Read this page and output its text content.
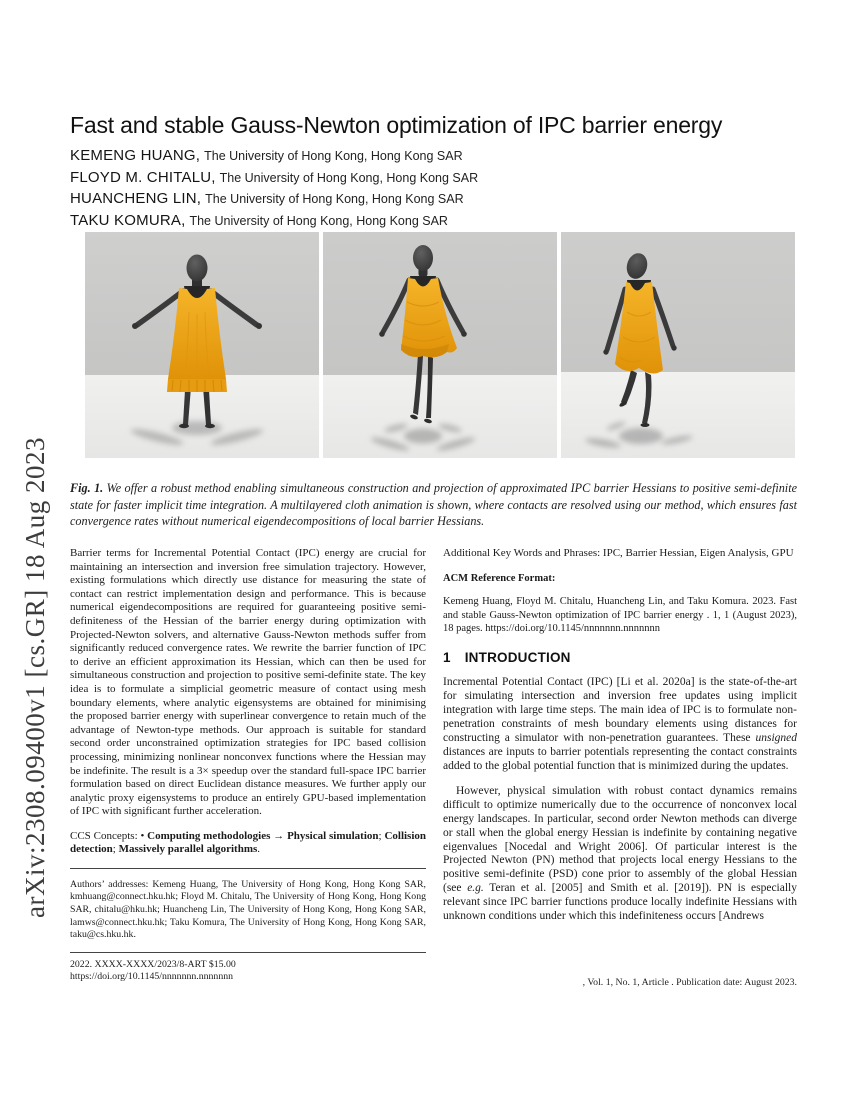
arXiv:2308.09400v1 [cs.GR] 18 Aug 2023
Fast and stable Gauss-Newton optimization of IPC barrier energy
KEMENG HUANG, The University of Hong Kong, Hong Kong SAR
FLOYD M. CHITALU, The University of Hong Kong, Hong Kong SAR
HUANCHENG LIN, The University of Hong Kong, Hong Kong SAR
TAKU KOMURA, The University of Hong Kong, Hong Kong SAR

Fig. 1. We offer a robust method enabling simultaneous construction and projection of approximated IPC barrier Hessians to positive semi-definite state for faster implicit time integration. A multilayered cloth animation is shown, where contacts are resolved using our method, which ensures fast convergence rates without numerical eigendecompositions of local barrier Hessians.

Barrier terms for Incremental Potential Contact (IPC) energy are crucial for maintaining an intersection and inversion free simulation trajectory. However, existing formulations which directly use distance for measuring the state of contact can restrict implementation design and performance. This is because numerical eigendecompositions are required for guaranteeing positive semi-definiteness of the Hessian of the barrier energy during optimization with Projected-Newton solvers, and alternative Gauss-Newton methods suffer from significantly reduced convergence rates. We rewrite the barrier function of IPC to derive an efficient approximation its Hessian, which can then be used for simultaneous construction and projection to positive semi-definite state. The key idea is to formulate a simplicial geometric measure of contact using mesh boundary elements, where analytic eigensystems are obtained for minimising the proposed barrier energy with superlinear convergence to retain much of the advantage of Newton-type methods. Our approach is suitable for standard second order unconstrained optimization strategies for IPC based collision processing, minimizing nonlinear nonconvex functions where the Hessian may be indefinite. The result is a 3× speedup over the standard full-space IPC barrier formulation based on direct Euclidean distance measures. We further apply our analytic proxy eigensystems to produce an entirely GPU-based implementation of IPC with significant further acceleration.

CCS Concepts: • Computing methodologies → Physical simulation; Collision detection; Massively parallel algorithms.

Authors’ addresses: Kemeng Huang, The University of Hong Kong, Hong Kong SAR, kmhuang@connect.hku.hk; Floyd M. Chitalu, The University of Hong Kong, Hong Kong SAR, chitalu@hku.hk; Huancheng Lin, The University of Hong Kong, Hong Kong SAR, lamws@connect.hku.hk; Taku Komura, The University of Hong Kong, Hong Kong SAR, taku@cs.hku.hk.

2022. XXXX-XXXX/2023/8-ART $15.00
https://doi.org/10.1145/nnnnnnn.nnnnnnn

Additional Key Words and Phrases: IPC, Barrier Hessian, Eigen Analysis, GPU

ACM Reference Format:

Kemeng Huang, Floyd M. Chitalu, Huancheng Lin, and Taku Komura. 2023. Fast and stable Gauss-Newton optimization of IPC barrier energy . 1, 1 (August 2023), 18 pages. https://doi.org/10.1145/nnnnnnn.nnnnnnn

1 INTRODUCTION

Incremental Potential Contact (IPC) [Li et al. 2020a] is the state-of-the-art for simulating intersection and inversion free updates using implicit integration with large time steps. The main idea of IPC is to formulate non-penetration constraints of mesh boundary elements using distances for constructing a simulator with non-penetration guarantees. These unsigned distances are inputs to barrier potentials representing the contact constraints added to the global potential function that is minimized during the updates.

However, physical simulation with robust contact dynamics remains difficult to optimize numerically due to the occurrence of nonconvex local energy landscapes. In particular, second order Newton methods can diverge or stall when the global energy Hessian is indefinite by containing negative eigenvalues [Nocedal and Wright 2006]. Of particular interest is the Projected Newton (PN) method that projects local energy Hessians to the positive semi-definite (PSD) cone prior to assembly of the global Hessian (see e.g. Teran et al. [2005] and Smith et al. [2019]). PN is especially relevant since IPC barrier functions produce locally indefinite Hessians with unknown conditions under which this indefiniteness occurs [Andrews

, Vol. 1, No. 1, Article . Publication date: August 2023.
